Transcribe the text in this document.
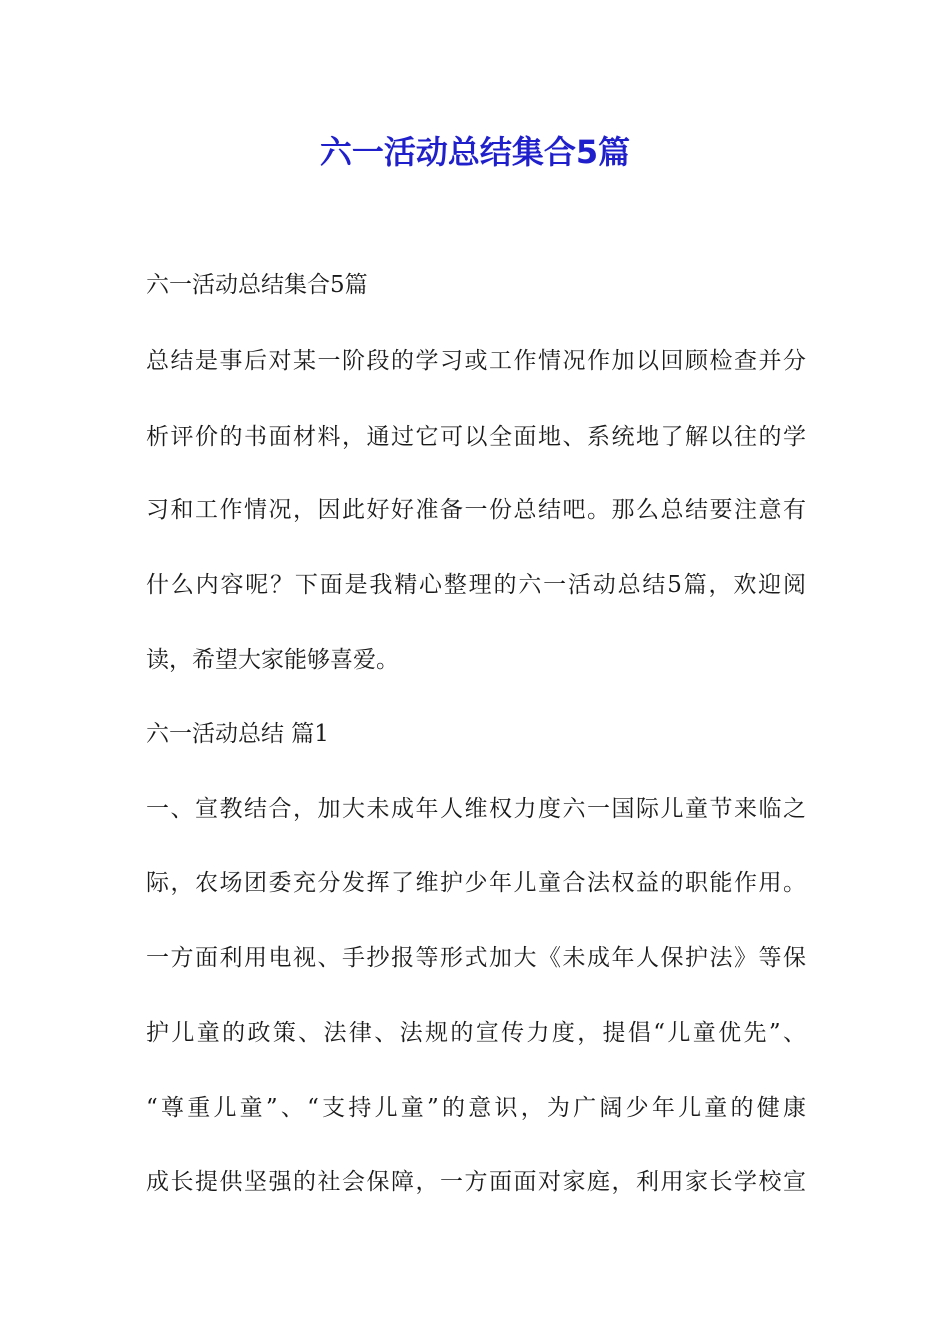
六一活动总结集合5篇

六一活动总结集合5篇

总结是事后对某一阶段的学习或工作情况作加以回顾检查并分

析评价的书面材料，通过它可以全面地、系统地了解以往的学

习和工作情况，因此好好准备一份总结吧。那么总结要注意有

什么内容呢？下面是我精心整理的六一活动总结5篇，欢迎阅

读，希望大家能够喜爱。

六一活动总结 篇1

一、宣教结合，加大未成年人维权力度六一国际儿童节来临之

际，农场团委充分发挥了维护少年儿童合法权益的职能作用。

一方面利用电视、手抄报等形式加大《未成年人保护法》等保

护儿童的政策、法律、法规的宣传力度，提倡“儿童优先”、

“尊重儿童”、“支持儿童”的意识，为广阔少年儿童的健康

成长提供坚强的社会保障，一方面面对家庭，利用家长学校宣
